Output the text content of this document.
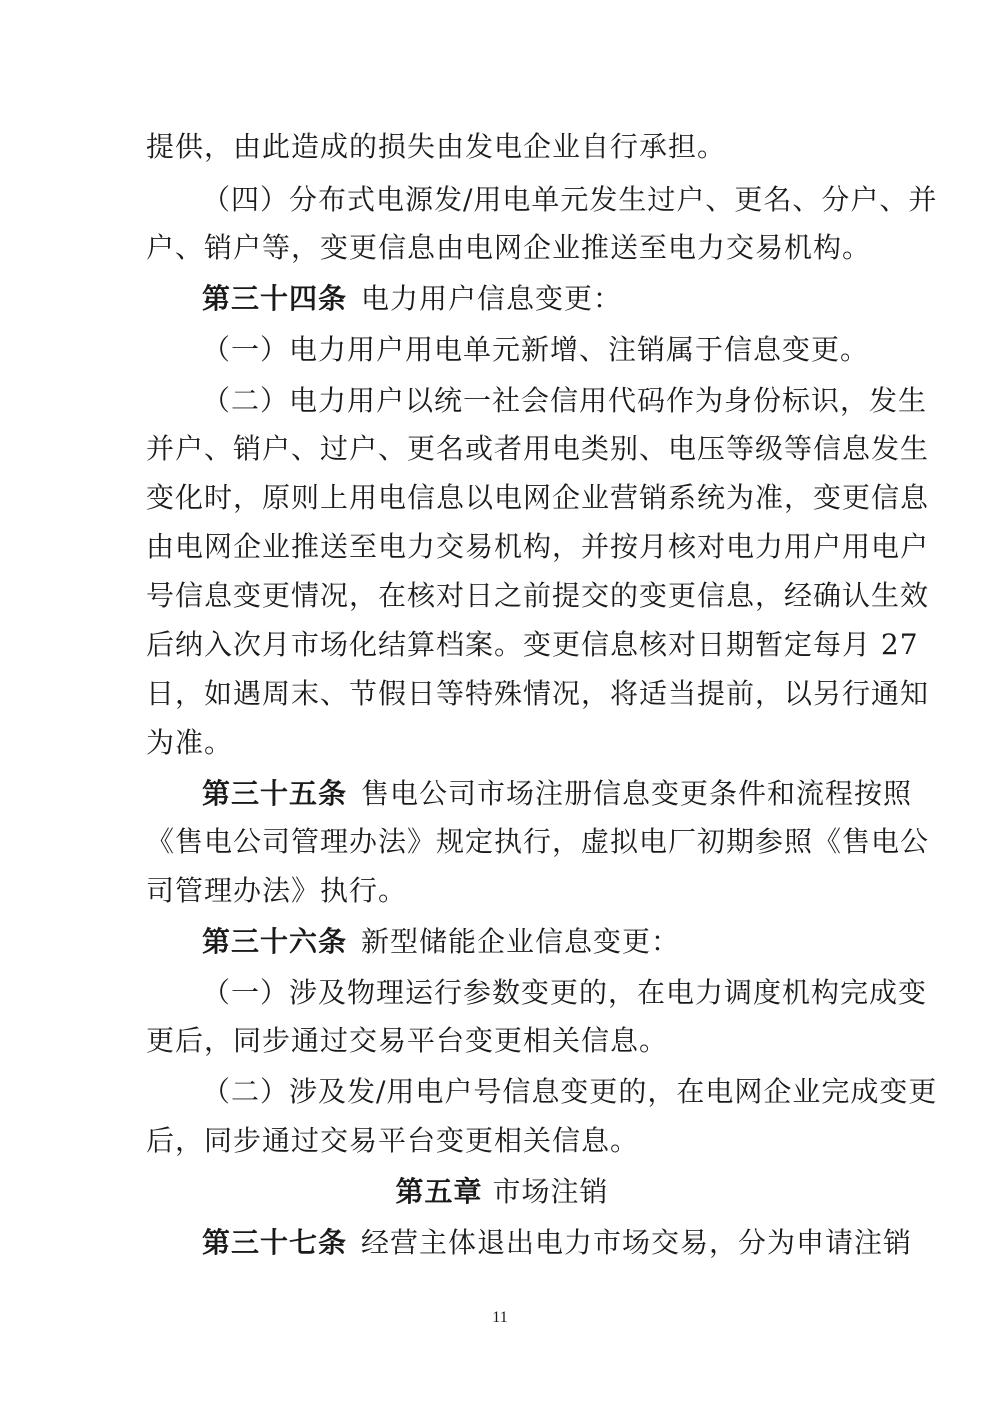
提供，由此造成的损失由发电企业自行承担。
（四）分布式电源发/用电单元发生过户、更名、分户、并
户、销户等，变更信息由电网企业推送至电力交易机构。
第三十四条 电力用户信息变更：
（一）电力用户用电单元新增、注销属于信息变更。
（二）电力用户以统一社会信用代码作为身份标识，发生
并户、销户、过户、更名或者用电类别、电压等级等信息发生
变化时，原则上用电信息以电网企业营销系统为准，变更信息
由电网企业推送至电力交易机构，并按月核对电力用户用电户
号信息变更情况，在核对日之前提交的变更信息，经确认生效
后纳入次月市场化结算档案。变更信息核对日期暂定每月 27
日，如遇周末、节假日等特殊情况，将适当提前，以另行通知
为准。
第三十五条 售电公司市场注册信息变更条件和流程按照
《售电公司管理办法》规定执行，虚拟电厂初期参照《售电公
司管理办法》执行。
第三十六条 新型储能企业信息变更：
（一）涉及物理运行参数变更的，在电力调度机构完成变
更后，同步通过交易平台变更相关信息。
（二）涉及发/用电户号信息变更的，在电网企业完成变更
后，同步通过交易平台变更相关信息。
第五章 市场注销
第三十七条 经营主体退出电力市场交易，分为申请注销
11
